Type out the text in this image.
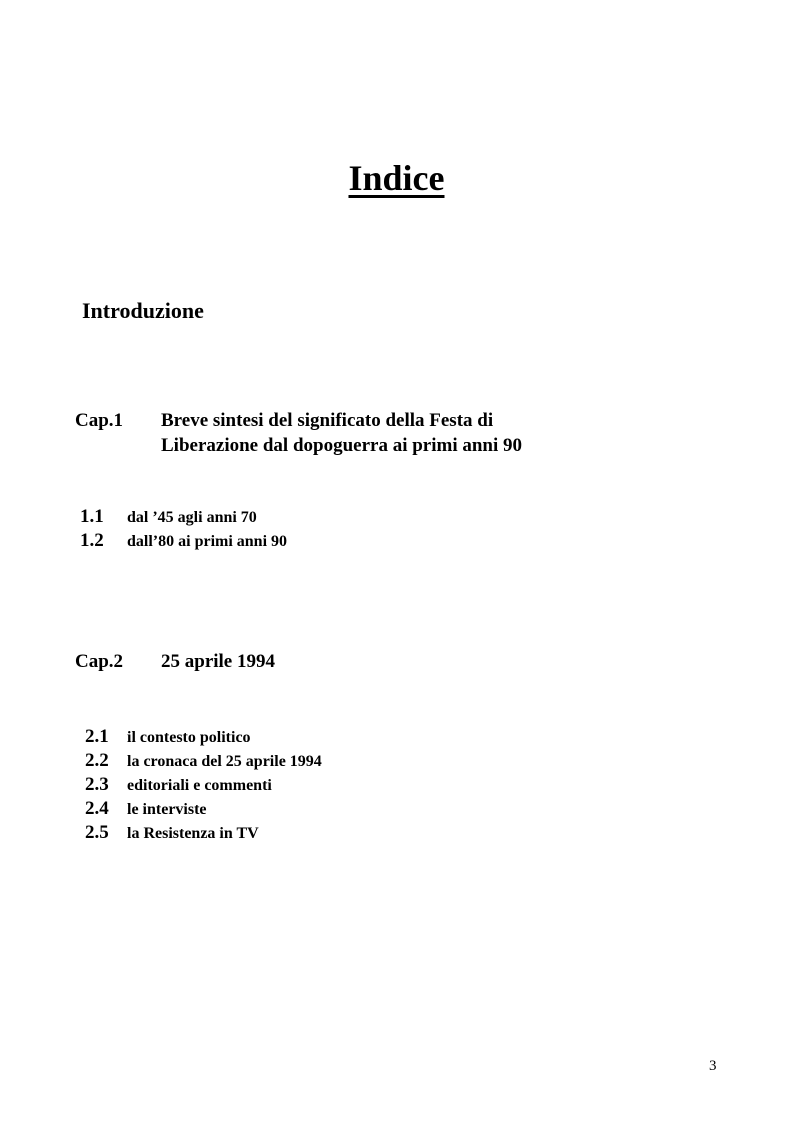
Indice
Introduzione
Cap.1 Breve sintesi del significato della Festa di
Liberazione dal dopoguerra ai primi anni 90
1.1 dal ’45 agli anni 70
1.2 dall’80 ai primi anni 90
Cap.2 25 aprile 1994
2.1 il contesto politico
2.2 la cronaca del 25 aprile 1994
2.3 editoriali e commenti
2.4 le interviste
2.5 la Resistenza in TV
3
